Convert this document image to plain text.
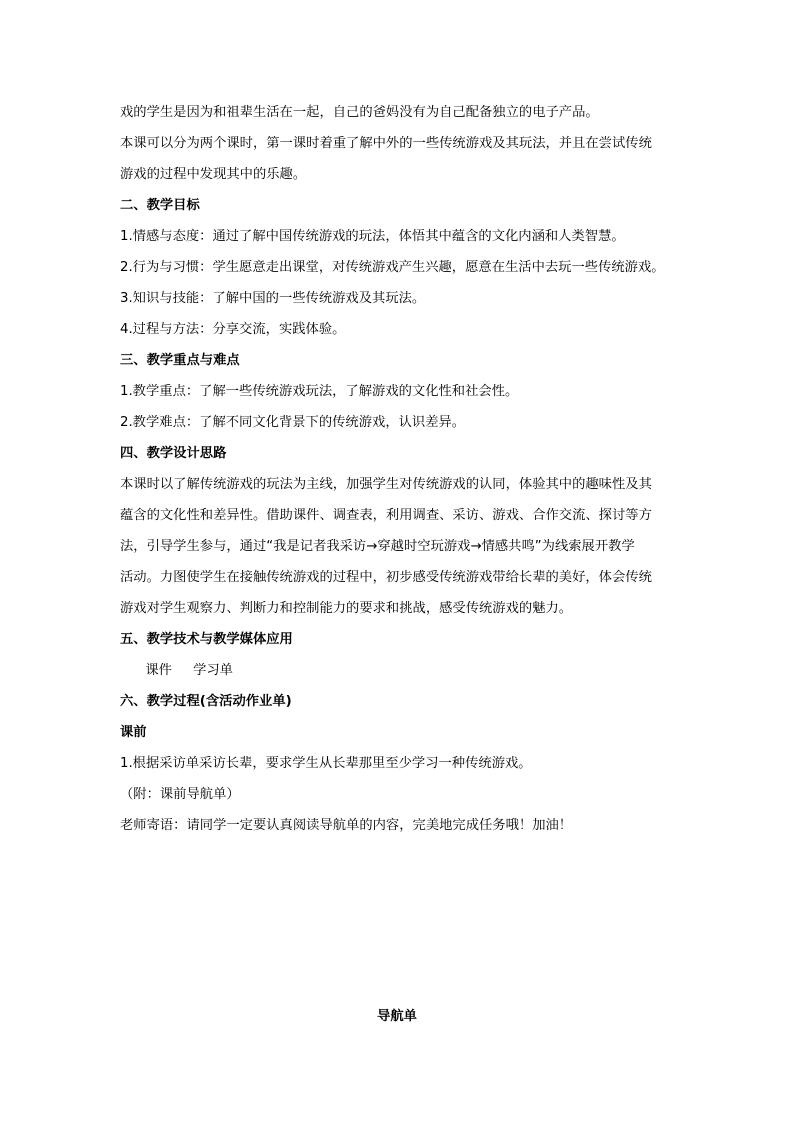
戏的学生是因为和祖辈生活在一起，自己的爸妈没有为自己配备独立的电子产品。
本课可以分为两个课时，第一课时着重了解中外的一些传统游戏及其玩法，并且在尝试传统
游戏的过程中发现其中的乐趣。
二、教学目标
1.情感与态度：通过了解中国传统游戏的玩法，体悟其中蕴含的文化内涵和人类智慧。
2.行为与习惯：学生愿意走出课堂，对传统游戏产生兴趣，愿意在生活中去玩一些传统游戏。
3.知识与技能：了解中国的一些传统游戏及其玩法。
4.过程与方法：分享交流，实践体验。
三、教学重点与难点
1.教学重点：了解一些传统游戏玩法，了解游戏的文化性和社会性。
2.教学难点：了解不同文化背景下的传统游戏，认识差异。
四、教学设计思路
本课时以了解传统游戏的玩法为主线，加强学生对传统游戏的认同，体验其中的趣味性及其
蕴含的文化性和差异性。借助课件、调查表，利用调查、采访、游戏、合作交流、探讨等方
法，引导学生参与，通过“我是记者我采访→穿越时空玩游戏→情感共鸣”为线索展开教学
活动。力图使学生在接触传统游戏的过程中，初步感受传统游戏带给长辈的美好，体会传统
游戏对学生观察力、判断力和控制能力的要求和挑战，感受传统游戏的魅力。
五、教学技术与教学媒体应用
课件     学习单
六、教学过程(含活动作业单)
课前
1.根据采访单采访长辈，要求学生从长辈那里至少学习一种传统游戏。
（附：课前导航单）
老师寄语：请同学一定要认真阅读导航单的内容，完美地完成任务哦！加油！
导航单
